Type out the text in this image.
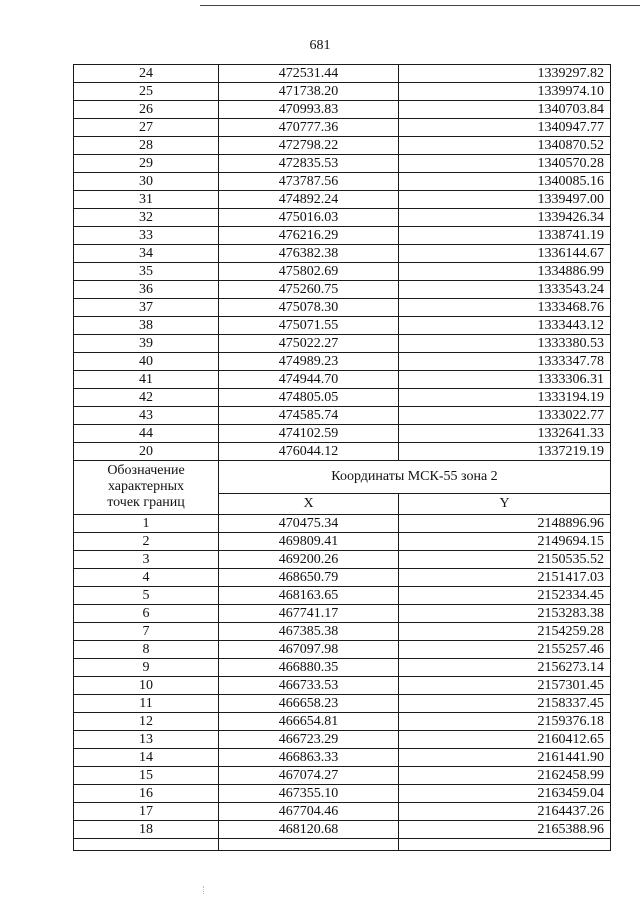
681
24	472531.44	1339297.82
25	471738.20	1339974.10
26	470993.83	1340703.84
27	470777.36	1340947.77
28	472798.22	1340870.52
29	472835.53	1340570.28
30	473787.56	1340085.16
31	474892.24	1339497.00
32	475016.03	1339426.34
33	476216.29	1338741.19
34	476382.38	1336144.67
35	475802.69	1334886.99
36	475260.75	1333543.24
37	475078.30	1333468.76
38	475071.55	1333443.12
39	475022.27	1333380.53
40	474989.23	1333347.78
41	474944.70	1333306.31
42	474805.05	1333194.19
43	474585.74	1333022.77
44	474102.59	1332641.33
20	476044.12	1337219.19

Обозначение
характерных
точек границ	Координаты МСК-55 зона 2	
	X	Y
1	470475.34	2148896.96
2	469809.41	2149694.15
3	469200.26	2150535.52
4	468650.79	2151417.03
5	468163.65	2152334.45
6	467741.17	2153283.38
7	467385.38	2154259.28
8	467097.98	2155257.46
9	466880.35	2156273.14
10	466733.53	2157301.45
11	466658.23	2158337.45
12	466654.81	2159376.18
13	466723.29	2160412.65
14	466863.33	2161441.90
15	467074.27	2162458.99
16	467355.10	2163459.04
17	467704.46	2164437.26
18	468120.68	2165388.96
